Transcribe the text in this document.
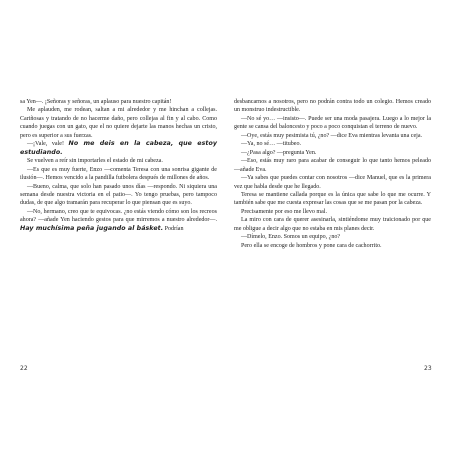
sa Yen—. ¡Señoras y señoras, un aplauso para nuestro capitán!

Me aplauden, me rodean, saltan a mi alrededor y me hinchan a collejas. Cariñosas y tratando de no hacerme daño, pero collejas al fin y al cabo. Como cuando juegas con un gato, que el no quiere dejarte las manos hechas un cristo, pero es superior a sus fuerzas.

—¡Vale, vale! No me deis en la cabeza, que estoy estudiando.

Se vuelven a reír sin importarles el estado de mi cabeza.

—Es que es muy fuerte, Enzo —comenta Teresa con una sonrisa gigante de ilusión—. Hemos vencido a la pandilla futbolera después de millones de años.

—Bueno, calma, que solo han pasado unos días —respondo. Ni siquiera una semana desde nuestra victoria en el patio—. Yo tengo pruebas, pero tampoco dudas, de que algo tramarán para recuperar lo que piensan que es suyo.

—No, hermano, creo que te equivocas. ¿no estás viendo cómo son los recreos ahora? —añade Yen haciendo gestos para que mirremos a nuestro alrededor—. Hay muchísima peña jugando al básket. Podrían

desbancarnos a nosotros, pero no podrán contra todo un colegio. Hemos creado un monstruo indestructible.

—No sé yo… —insisto—. Puede ser una moda pasajera. Luego a lo mejor la gente se cansa del baloncesto y poco a poco conquistan el terreno de nuevo.

—Oye, estás muy pesimista tú, ¿no? —dice Eva mientras levanta una ceja.

—Ya, no sé… —titubeo.

—¿Pasa algo? —pregunta Yen.

—Eso, estás muy raro para acabar de conseguir lo que tanto hemos peleado —añade Eva.

—Ya sabes que puedes contar con nosotros —dice Manuel, que es la primera vez que habla desde que he llegado.

Teresa se mantiene callada porque es la única que sabe lo que me ocurre. Y también sabe que me cuesta expresar las cosas que se me pasan por la cabeza.

Precisamente por eso me llevo mal.

La miro con cara de querer asesinarla, sintiéndome muy traicionado por que me obligue a decir algo que no estaba en mis planes decir.

—Dímelo, Enzo. Somos un equipo, ¿no?

Pero ella se encoge de hombros y pone cara de cachorrito.

22	23
